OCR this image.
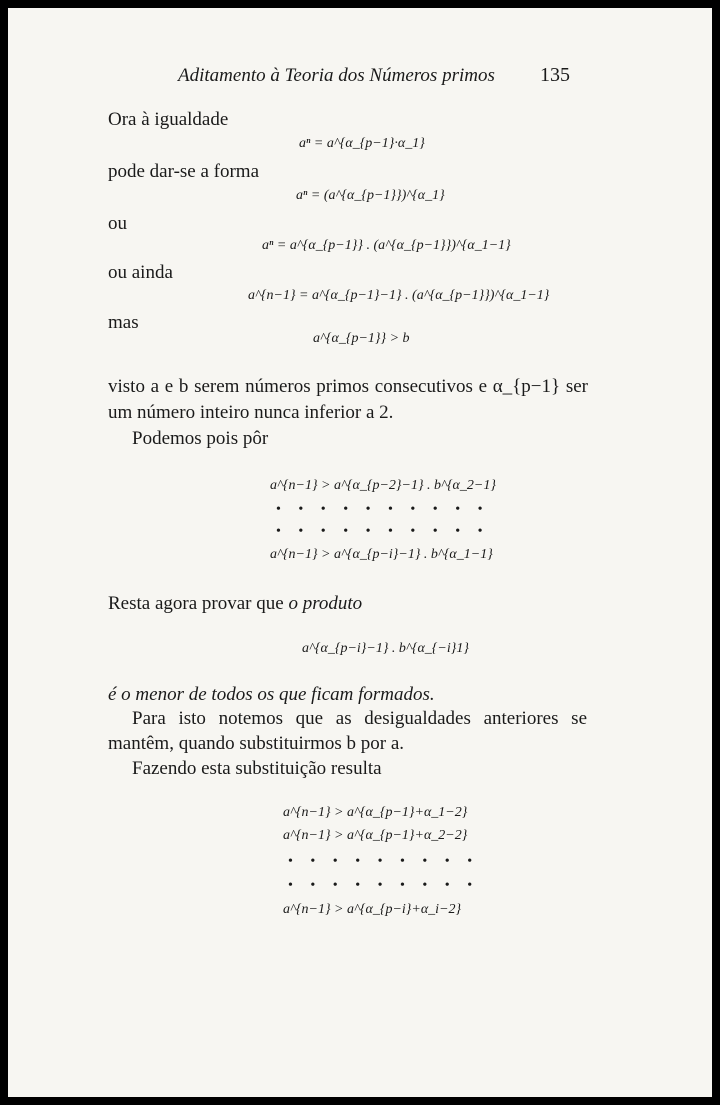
Aditamento à Teoria dos Números primos 135
Ora à igualdade
aⁿ = a^{α_{p−1}·α_1}
pode dar-se a forma
aⁿ = (a^{α_{p−1}})^{α_1}
ou
aⁿ = a^{α_{p−1}} . (a^{α_{p−1}})^{α_1−1}
ou ainda
a^{n−1} = a^{α_{p−1}−1} . (a^{α_{p−1}})^{α_1−1}
mas
a^{α_{p−1}} > b
visto a e b serem números primos consecutivos e α_{p−1} ser
um número inteiro nunca inferior a 2.
Podemos pois pôr
a^{n−1} > a^{α_{p−2}−1} . b^{α_2−1}
• • • • • • • • • •
• • • • • • • • • •
a^{n−1} > a^{α_{p−i}−1} . b^{α_1−1}
Resta agora provar que o produto
a^{α_{p−i}−1} . b^{α_{−i}1}
é o menor de todos os que ficam formados.
Para isto notemos que as desigualdades anteriores se
mantêm, quando substituirmos b por a.
Fazendo esta substituição resulta
a^{n−1} > a^{α_{p−1}+α_1−2}
a^{n−1} > a^{α_{p−1}+α_2−2}
• • • • • • • • •
• • • • • • • • •
a^{n−1} > a^{α_{p−i}+α_i−2}
